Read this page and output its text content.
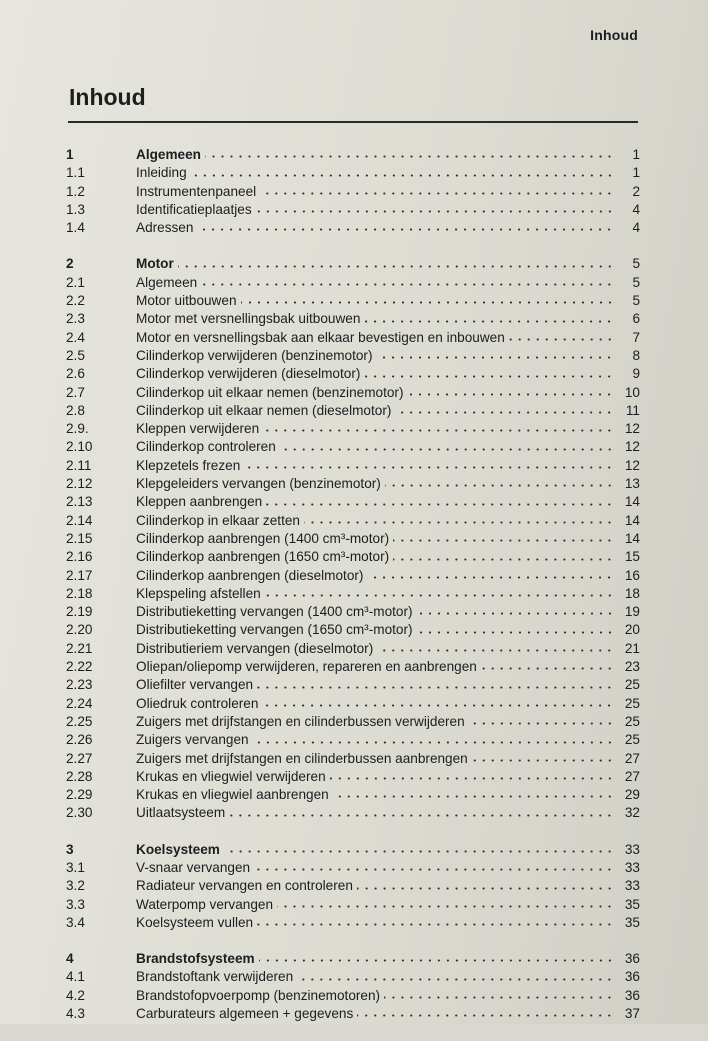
Inhoud
Inhoud
1	Algemeen	1
1.1	Inleiding	1
1.2	Instrumentenpaneel	2
1.3	Identificatieplaatjes	4
1.4	Adressen	4
2	Motor	5
2.1	Algemeen	5
2.2	Motor uitbouwen	5
2.3	Motor met versnellingsbak uitbouwen	6
2.4	Motor en versnellingsbak aan elkaar bevestigen en inbouwen	7
2.5	Cilinderkop verwijderen (benzinemotor)	8
2.6	Cilinderkop verwijderen (dieselmotor)	9
2.7	Cilinderkop uit elkaar nemen (benzinemotor)	10
2.8	Cilinderkop uit elkaar nemen (dieselmotor)	11
2.9.	Kleppen verwijderen	12
2.10	Cilinderkop controleren	12
2.11	Klepzetels frezen	12
2.12	Klepgeleiders vervangen (benzinemotor)	13
2.13	Kleppen aanbrengen	14
2.14	Cilinderkop in elkaar zetten	14
2.15	Cilinderkop aanbrengen (1400 cm³-motor)	14
2.16	Cilinderkop aanbrengen (1650 cm³-motor)	15
2.17	Cilinderkop aanbrengen (dieselmotor)	16
2.18	Klepspeling afstellen	18
2.19	Distributieketting vervangen (1400 cm³-motor)	19
2.20	Distributieketting vervangen (1650 cm³-motor)	20
2.21	Distributieriem vervangen (dieselmotor)	21
2.22	Oliepan/oliepomp verwijderen, repareren en aanbrengen	23
2.23	Oliefilter vervangen	25
2.24	Oliedruk controleren	25
2.25	Zuigers met drijfstangen en cilinderbussen verwijderen	25
2.26	Zuigers vervangen	25
2.27	Zuigers met drijfstangen en cilinderbussen aanbrengen	27
2.28	Krukas en vliegwiel verwijderen	27
2.29	Krukas en vliegwiel aanbrengen	29
2.30	Uitlaatsysteem	32
3	Koelsysteem	33
3.1	V-snaar vervangen	33
3.2	Radiateur vervangen en controleren	33
3.3	Waterpomp vervangen	35
3.4	Koelsysteem vullen	35
4	Brandstofsysteem	36
4.1	Brandstoftank verwijderen	36
4.2	Brandstofopvoerpomp (benzinemotoren)	36
4.3	Carburateurs algemeen + gegevens	37
